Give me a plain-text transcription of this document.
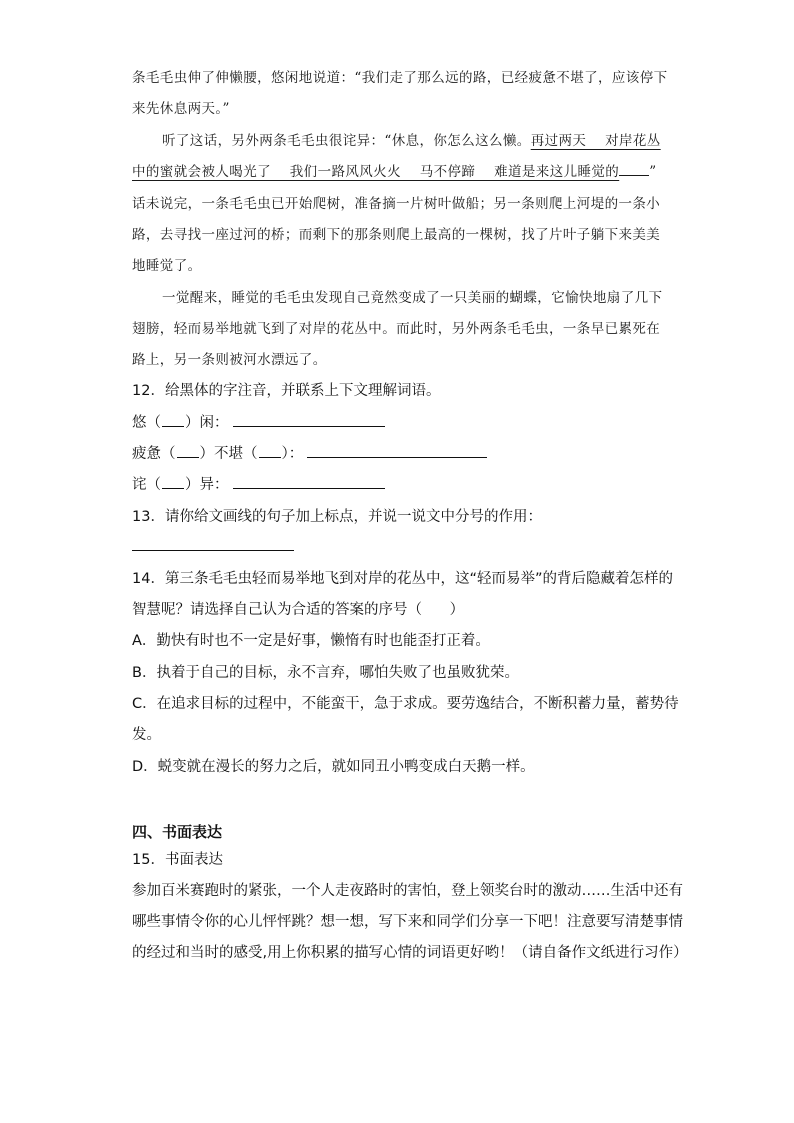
条毛毛虫伸了伸懒腰，悠闲地说道：“我们走了那么远的路，已经疲惫不堪了，应该停下
来先休息两天。”
听了这话，另外两条毛毛虫很诧异：“休息，你怎么这么懒。再过两天    对岸花丛
中的蜜就会被人喝光了    我们一路风风火火    马不停蹄    难道是来这儿睡觉的 ”
话未说完，一条毛毛虫已开始爬树，准备摘一片树叶做船；另一条则爬上河堤的一条小
路，去寻找一座过河的桥；而剩下的那条则爬上最高的一棵树，找了片叶子躺下来美美
地睡觉了。
一觉醒来，睡觉的毛毛虫发现自己竟然变成了一只美丽的蝴蝶，它愉快地扇了几下
翅膀，轻而易举地就飞到了对岸的花丛中。而此时，另外两条毛毛虫，一条早已累死在
路上，另一条则被河水漂远了。
12．给黑体的字注音，并联系上下文理解词语。
悠（ ）闲：
疲惫（ ）不堪（ ）：
诧（ ）异：
13．请你给文画线的句子加上标点，并说一说文中分号的作用：
14．第三条毛毛虫轻而易举地飞到对岸的花丛中，这“轻而易举”的背后隐藏着怎样的
智慧呢？请选择自己认为合适的答案的序号（      ）
A．勤快有时也不一定是好事，懒惰有时也能歪打正着。
B．执着于自己的目标，永不言弃，哪怕失败了也虽败犹荣。
C．在追求目标的过程中，不能蛮干，急于求成。要劳逸结合，不断积蓄力量，蓄势待
发。
D．蜕变就在漫长的努力之后，就如同丑小鸭变成白天鹅一样。
四、书面表达
15．书面表达
参加百米赛跑时的紧张，一个人走夜路时的害怕，登上领奖台时的激动……生活中还有
哪些事情令你的心儿怦怦跳？想一想，写下来和同学们分享一下吧！注意要写清楚事情
的经过和当时的感受,用上你积累的描写心情的词语更好哟！（请自备作文纸进行习作）
